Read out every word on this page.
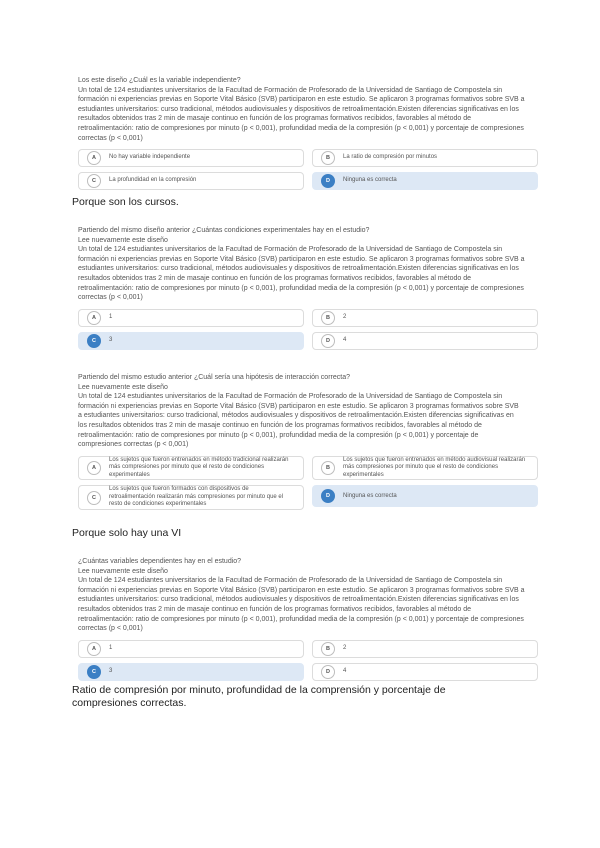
Los este diseño ¿Cuál es la variable independiente?
Un total de 124 estudiantes universitarios de la Facultad de Formación de Profesorado de la Universidad de Santiago de Compostela sin
formación ni experiencias previas en Soporte Vital Básico (SVB) participaron en este estudio. Se aplicaron 3 programas formativos sobre SVB a
estudiantes universitarios: curso tradicional, métodos audiovisuales y dispositivos de retroalimentación.Existen diferencias significativas en los
resultados obtenidos tras 2 min de masaje continuo en función de los programas formativos recibidos, favorables al método de
retroalimentación: ratio de compresiones por minuto (p < 0,001), profundidad media de la compresión (p < 0,001) y porcentaje de compresiones
correctas (p < 0,001)

A	No hay variable independiente	B	La ratio de compresión por minutos
C	La profundidad en la compresión	D	Ninguna es correcta
Porque son los cursos.

Partiendo del mismo diseño anterior ¿Cuántas condiciones experimentales hay en el estudio?
Lee nuevamente este diseño
Un total de 124 estudiantes universitarios de la Facultad de Formación de Profesorado de la Universidad de Santiago de Compostela sin
formación ni experiencias previas en Soporte Vital Básico (SVB) participaron en este estudio. Se aplicaron 3 programas formativos sobre SVB a
estudiantes universitarios: curso tradicional, métodos audiovisuales y dispositivos de retroalimentación.Existen diferencias significativas en los
resultados obtenidos tras 2 min de masaje continuo en función de los programas formativos recibidos, favorables al método de
retroalimentación: ratio de compresiones por minuto (p < 0,001), profundidad media de la compresión (p < 0,001) y porcentaje de compresiones
correctas (p < 0,001)

A	1	B	2
C	3	D	4

Partiendo del mismo estudio anterior ¿Cuál sería una hipótesis de interacción correcta?
Lee nuevamente este diseño
Un total de 124 estudiantes universitarios de la Facultad de Formación de Profesorado de la Universidad de Santiago de Compostela sin
formación ni experiencias previas en Soporte Vital Básico (SVB) participaron en este estudio. Se aplicaron 3 programas formativos sobre SVB
a estudiantes universitarios: curso tradicional, métodos audiovisuales y dispositivos de retroalimentación.Existen diferencias significativas en
los resultados obtenidos tras 2 min de masaje continuo en función de los programas formativos recibidos, favorables al método de
retroalimentación: ratio de compresiones por minuto (p < 0,001), profundidad media de la compresión (p < 0,001) y porcentaje de
compresiones correctas (p < 0,001)

A
Los sujetos que fueron entrenados en método tradicional realizarán más compresiones por minuto que el resto de condiciones experimentales
B
Los sujetos que fueron entrenados en método audiovisual realizarán más compresiones por minuto que el resto de condiciones experimentales
C
Los sujetos que fueron formados con dispositivos de retroalimentación realizarán más compresiones por minuto que el resto de condiciones experimentales
D	Ninguna es correcta
Porque solo hay una VI

¿Cuántas variables dependientes hay en el estudio?
Lee nuevamente este diseño
Un total de 124 estudiantes universitarios de la Facultad de Formación de Profesorado de la Universidad de Santiago de Compostela sin
formación ni experiencias previas en Soporte Vital Básico (SVB) participaron en este estudio. Se aplicaron 3 programas formativos sobre SVB a
estudiantes universitarios: curso tradicional, métodos audiovisuales y dispositivos de retroalimentación.Existen diferencias significativas en los
resultados obtenidos tras 2 min de masaje continuo en función de los programas formativos recibidos, favorables al método de
retroalimentación: ratio de compresiones por minuto (p < 0,001), profundidad media de la compresión (p < 0,001) y porcentaje de compresiones
correctas (p < 0,001)

A	1	B	2
C	3	D	4
Ratio de compresión por minuto, profundidad de la comprensión y porcentaje de
compresiones correctas.
